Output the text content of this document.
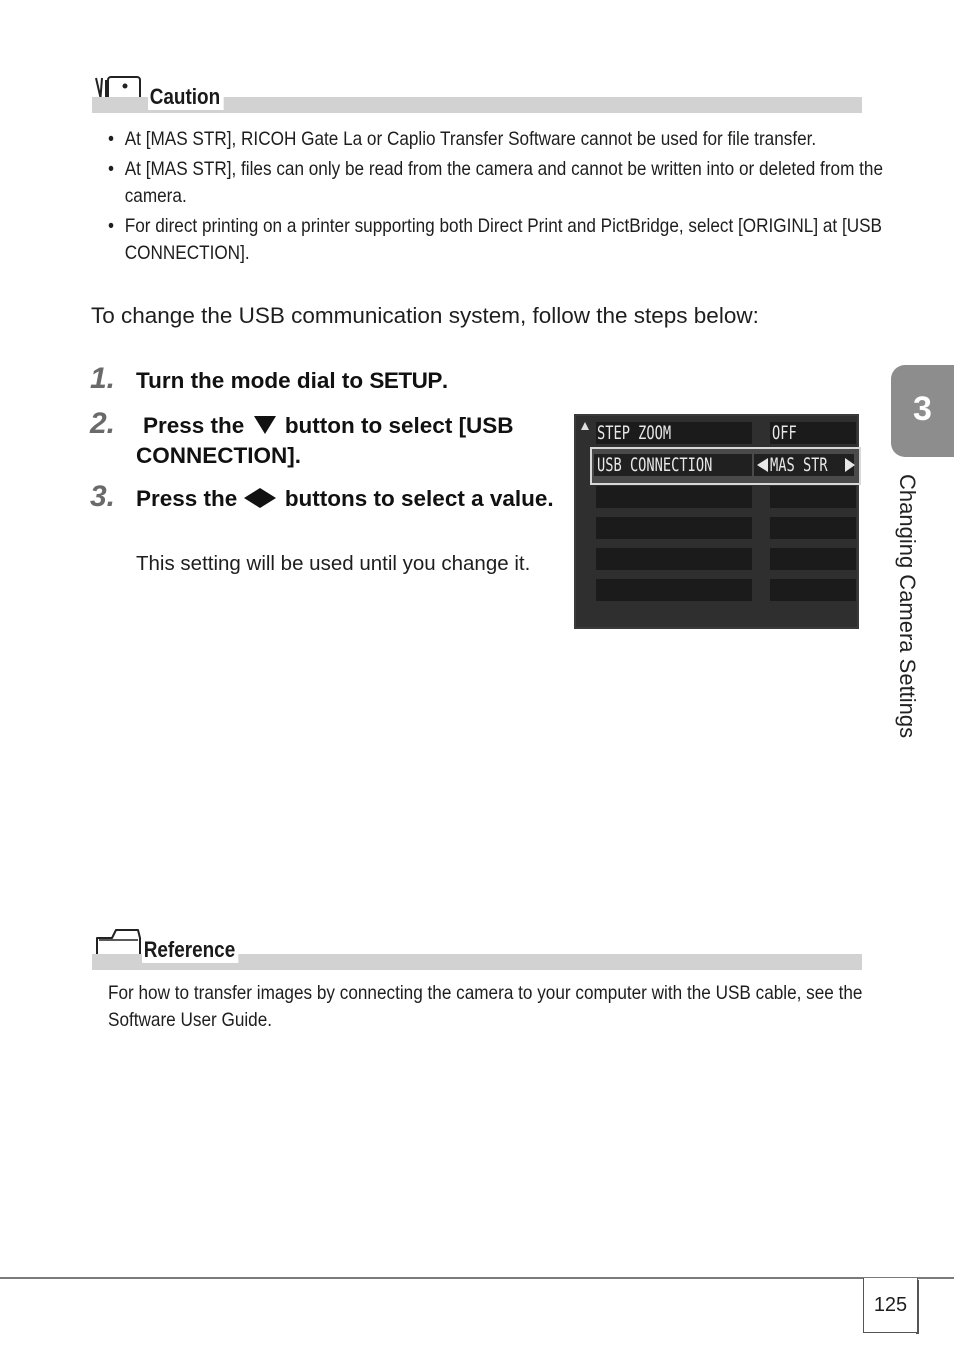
Caution
• At [MAS STR], RICOH Gate La or Caplio Transfer Software cannot be used for file transfer.
• At [MAS STR], files can only be read from the camera and cannot be written into or deleted from the camera.
• For direct printing on a printer supporting both Direct Print and PictBridge, select [ORIGINL] at [USB CONNECTION].
To change the USB communication system, follow the steps below:
1. Turn the mode dial to SETUP.
2.	Press the  button to select [USB CONNECTION].
3. Press the  buttons to select a value.
This setting will be used until you change it.
STEP ZOOM	OFF
USB CONNECTION	MAS STR
3
Changing Camera Settings
Reference
For how to transfer images by connecting the camera to your computer with the USB cable, see the Software User Guide.
125
